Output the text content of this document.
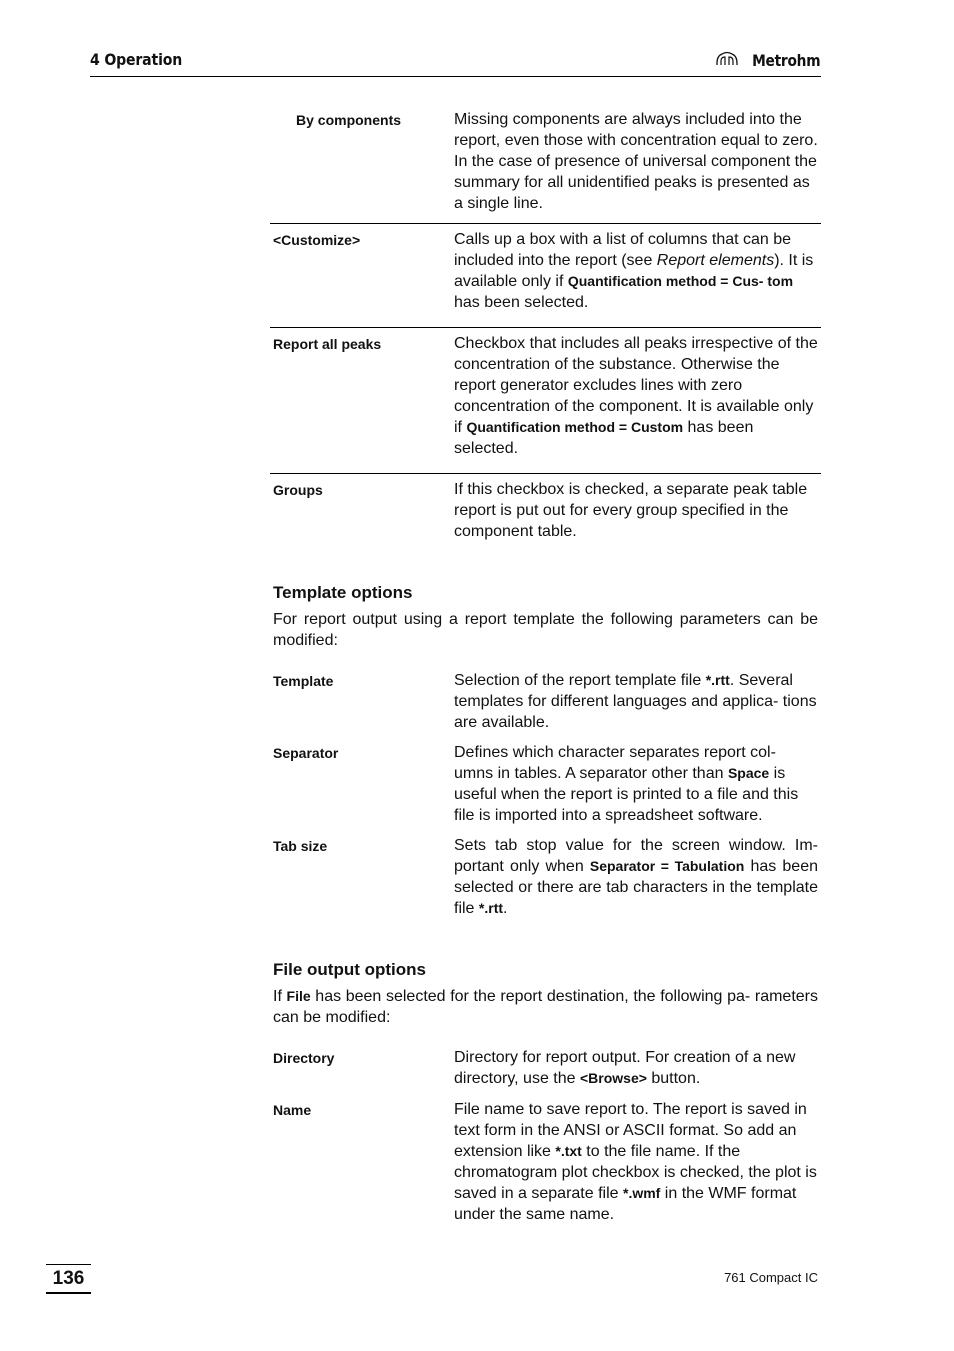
4 Operation	Metrohm
By components	Missing components are always included into the report, even those with concentration equal to zero. In the case of presence of universal component the summary for all unidentified peaks is presented as a single line.
<Customize>	Calls up a box with a list of columns that can be included into the report (see Report elements). It is available only if Quantification method = Cus- tom has been selected.
Report all peaks	Checkbox that includes all peaks irrespective of the concentration of the substance. Otherwise the report generator excludes lines with zero concentration of the component. It is available only if Quantification method = Custom has been selected.
Groups	If this checkbox is checked, a separate peak table report is put out for every group specified in the component table.
Template options
For report output using a report template the following parameters can be modified:
Template	Selection of the report template file *.rtt. Several templates for different languages and applica- tions are available.
Separator	Defines which character separates report col- umns in tables. A separator other than Space is useful when the report is printed to a file and this file is imported into a spreadsheet software.
Tab size	Sets tab stop value for the screen window. Im- portant only when Separator = Tabulation has been selected or there are tab characters in the template file *.rtt.
File output options
If File has been selected for the report destination, the following pa- rameters can be modified:
Directory	Directory for report output. For creation of a new directory, use the <Browse> button.
Name	File name to save report to. The report is saved in text form in the ANSI or ASCII format. So add an extension like *.txt to the file name. If the chromatogram plot checkbox is checked, the plot is saved in a separate file *.wmf in the WMF format under the same name.
136	761 Compact IC
